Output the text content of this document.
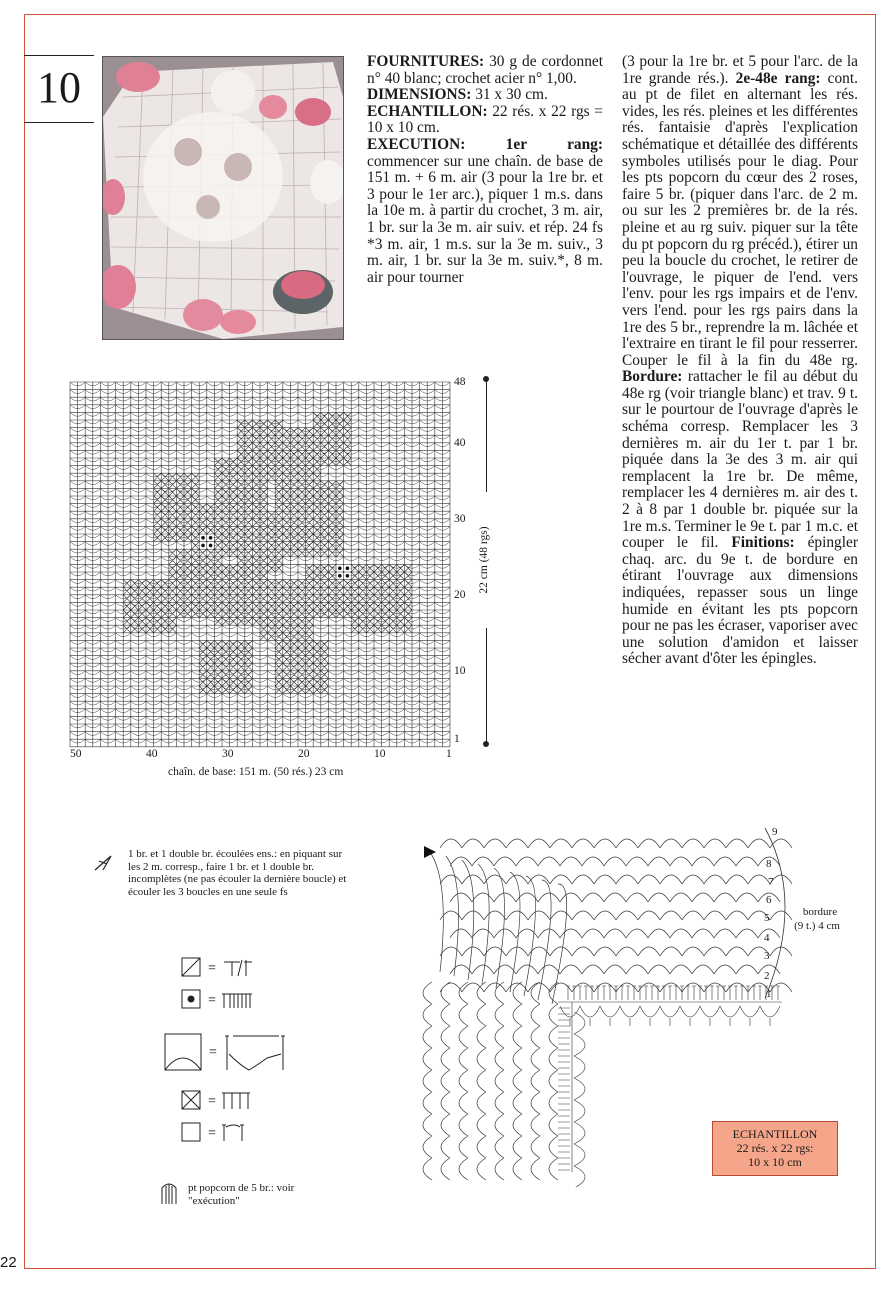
10

FOURNITURES: 30 g de cordonnet n° 40 blanc; crochet acier n° 1,00.

DIMENSIONS: 31 x 30 cm.

ECHANTILLON: 22 rés. x 22 rgs = 10 x 10 cm.

EXECUTION: 1er rang: commencer sur une chaîn. de base de 151 m. + 6 m. air (3 pour la 1re br. et 3 pour le 1er arc.), piquer 1 m.s. dans la 10e m. à partir du crochet, 3 m. air, 1 br. sur la 3e m. air suiv. et rép. 24 fs *3 m. air, 1 m.s. sur la 3e m. suiv., 3 m. air, 1 br. sur la 3e m. suiv.*, 8 m. air pour tourner

(3 pour la 1re br. et 5 pour l'arc. de la 1re grande rés.). 2e-48e rang: cont. au pt de filet en alternant les rés. vides, les rés. pleines et les différentes rés. fantaisie d'après l'explication schématique et détaillée des différents symboles utilisés pour le diag. Pour les pts popcorn du cœur des 2 roses, faire 5 br. (piquer dans l'arc. de 2 m. ou sur les 2 premières br. de la rés. pleine et au rg suiv. piquer sur la tête du pt popcorn du rg précéd.), étirer un peu la boucle du crochet, le retirer de l'ouvrage, le piquer de l'end. vers l'env. pour les rgs impairs et de l'env. vers l'end. pour les rgs pairs dans la 1re des 5 br., reprendre la m. lâchée et l'extraire en tirant le fil pour resserrer. Couper le fil à la fin du 48e rg. Bordure: rattacher le fil au début du 48e rg (voir triangle blanc) et trav. 9 t. sur le pourtour de l'ouvrage d'après le schéma corresp. Remplacer les 3 dernières m. air du 1er t. par 1 br. piquée dans la 3e des 3 m. air qui remplacent la 1re br. De même, remplacer les 4 dernières m. air des t. 2 à 8 par 1 double br. piquée sur la 1re m.s. Terminer le 9e t. par 1 m.c. et couper le fil. Finitions: épingler chaq. arc. du 9e t. de bordure en étirant l'ouvrage aux dimensions indiquées, repasser sous un linge humide en évitant les pts popcorn pour ne pas les écraser, vaporiser avec une solution d'amidon et laisser sécher avant d'ôter les épingles.

50	40	30	20	10	1
48
40
30
20
10
1
22 cm (48 rgs)
chaîn. de base: 151 m. (50 rés.) 23 cm
1 br. et 1 double br. écoulées ens.: en piquant sur les 2 m. corresp., faire 1 br. et 1 double br. incomplètes (ne pas écouler la dernière boucle) et écouler les 3 boucles en une seule fs
=
=
=
=
=
pt popcorn de 5 br.: voir "exécution"
9
8
7
6
5
4
3
2
1
bordure
(9 t.) 4 cm
ECHANTILLON
22 rés. x 22 rgs:
10 x 10 cm
22
